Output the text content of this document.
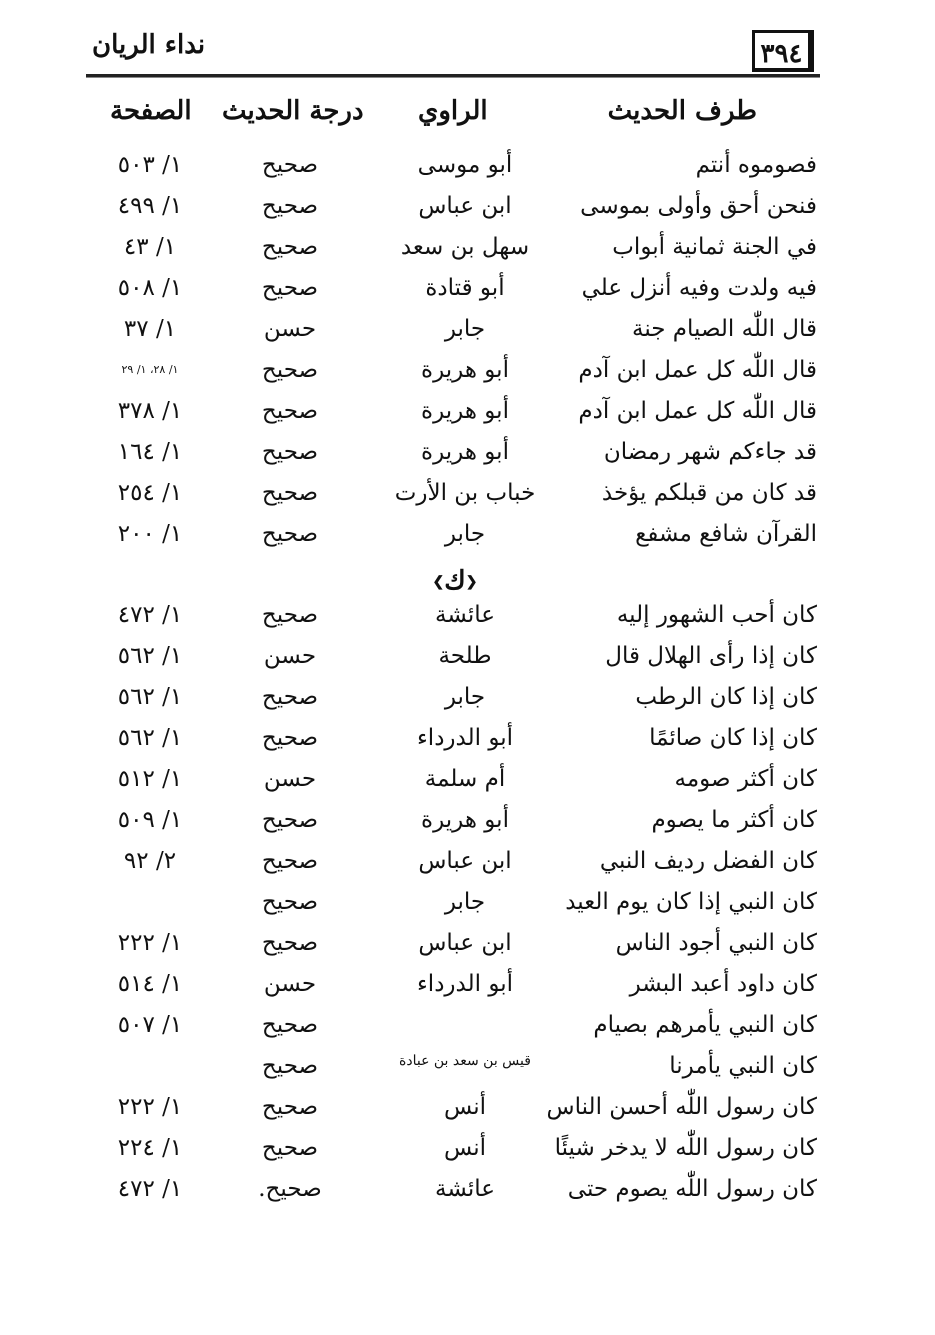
نداء الريان	٣٩٤
طرف الحديث
الراوي
درجة الحديث
الصفحة
❮ك❯
فصوموه أنتم
أبو موسى
صحيح
١/ ٥٠٣
فنحن أحق وأولى بموسى
ابن عباس
صحيح
١/ ٤٩٩
في الجنة ثمانية أبواب
سهل بن سعد
صحيح
١/ ٤٣
فيه ولدت وفيه أنزل علي
أبو قتادة
صحيح
١/ ٥٠٨
قال اللّٰه الصيام جنة
جابر
حسن
١/ ٣٧
قال اللّٰه كل عمل ابن آدم
أبو هريرة
صحيح
١/ ٢٨، ١/ ٢٩
قال اللّٰه كل عمل ابن آدم
أبو هريرة
صحيح
١/ ٣٧٨
قد جاءكم شهر رمضان
أبو هريرة
صحيح
١/ ١٦٤
قد كان من قبلكم يؤخذ
خباب بن الأرت
صحيح
١/ ٢٥٤
القرآن شافع مشفع
جابر
صحيح
١/ ٢٠٠
كان أحب الشهور إليه
عائشة
صحيح
١/ ٤٧٢
كان إذا رأى الهلال قال
طلحة
حسن
١/ ٥٦٢
كان إذا كان الرطب
جابر
صحيح
١/ ٥٦٢
كان إذا كان صائمًا
أبو الدرداء
صحيح
١/ ٥٦٢
كان أكثر صومه
أم سلمة
حسن
١/ ٥١٢
كان أكثر ما يصوم
أبو هريرة
صحيح
١/ ٥٠٩
كان الفضل رديف النبي
ابن عباس
صحيح
٢/ ٩٢
كان النبي إذا كان يوم العيد
جابر
صحيح
كان النبي أجود الناس
ابن عباس
صحيح
١/ ٢٢٢
كان داود أعبد البشر
أبو الدرداء
حسن
١/ ٥١٤
كان النبي يأمرهم بصيام
صحيح
١/ ٥٠٧
كان النبي يأمرنا
قيس بن سعد بن عبادة
صحيح
كان رسول اللّٰه أحسن الناس
أنس
صحيح
١/ ٢٢٢
كان رسول اللّٰه لا يدخر شيئًا
أنس
صحيح
١/ ٢٢٤
كان رسول اللّٰه يصوم حتى
عائشة
صحيح.
١/ ٤٧٢
